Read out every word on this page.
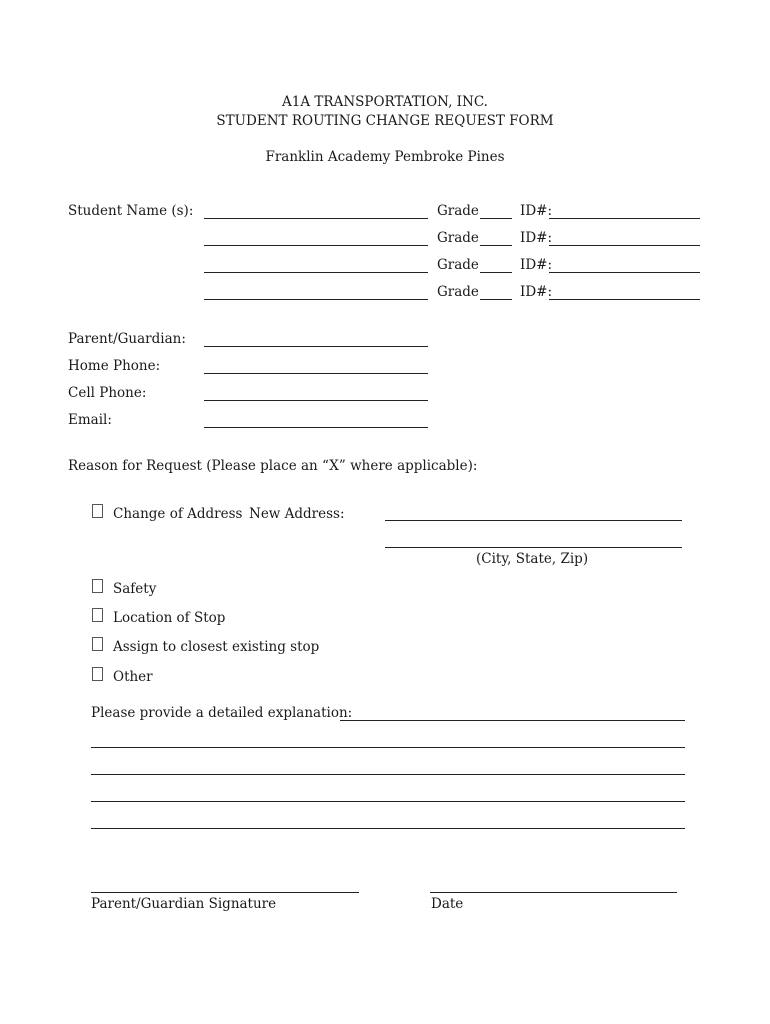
A1A TRANSPORTATION, INC.
STUDENT ROUTING CHANGE REQUEST FORM
Franklin Academy Pembroke Pines
Student Name (s):	Grade	ID#:
Grade	ID#:
Grade	ID#:
Grade	ID#:
Parent/Guardian:
Home Phone:
Cell Phone:
Email:
Reason for Request (Please place an “X” where applicable):
Change of Address New Address:
(City, State, Zip)
Safety
Location of Stop
Assign to closest existing stop
Other
Please provide a detailed explanation:
Parent/Guardian Signature	Date
